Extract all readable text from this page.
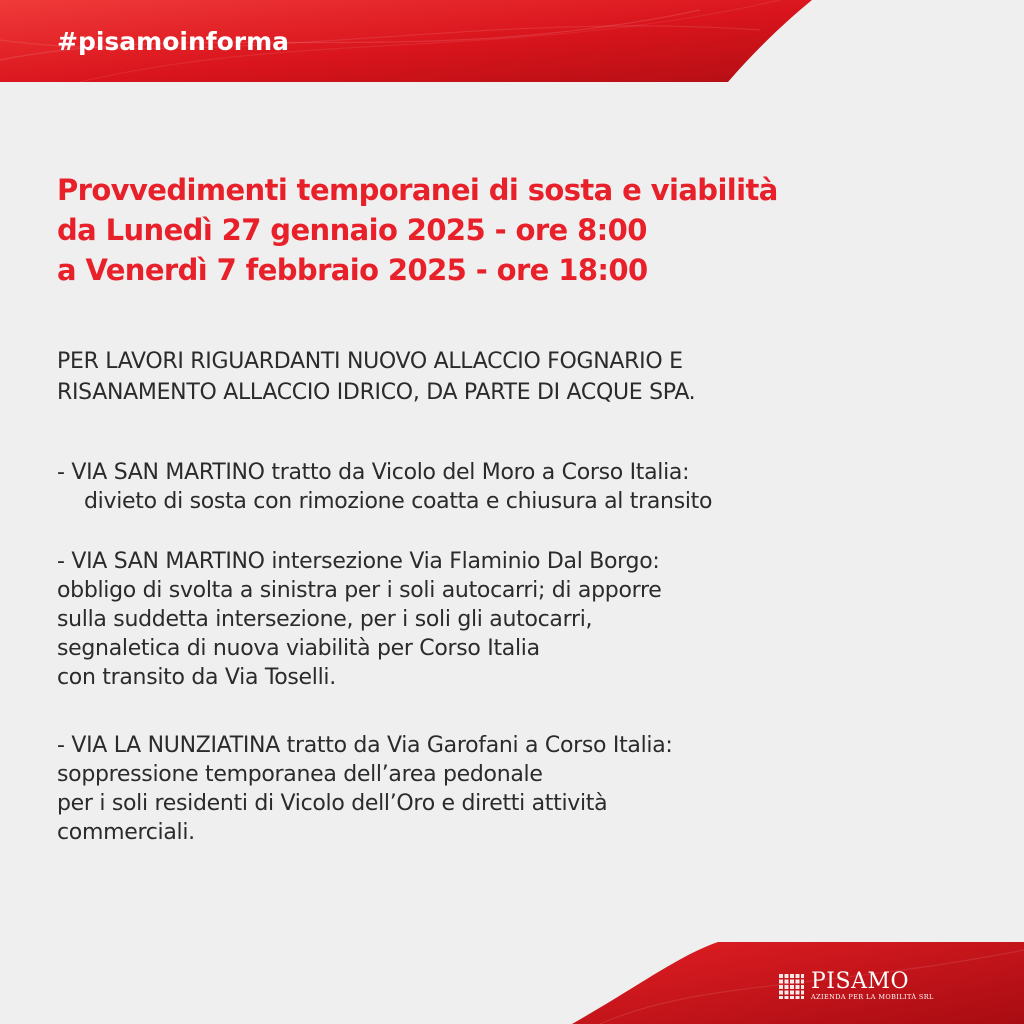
#pisamoinforma
Provvedimenti temporanei di sosta e viabilità
da Lunedì 27 gennaio 2025 - ore 8:00
a Venerdì 7 febbraio 2025 - ore 18:00
PER LAVORI RIGUARDANTI NUOVO ALLACCIO FOGNARIO E
RISANAMENTO ALLACCIO IDRICO, DA PARTE DI ACQUE SPA.
- VIA SAN MARTINO tratto da Vicolo del Moro a Corso Italia:
divieto di sosta con rimozione coatta e chiusura al transito
- VIA SAN MARTINO intersezione Via Flaminio Dal Borgo:
obbligo di svolta a sinistra per i soli autocarri; di apporre
sulla suddetta intersezione, per i soli gli autocarri,
segnaletica di nuova viabilità per Corso Italia
con transito da Via Toselli.
- VIA LA NUNZIATINA tratto da Via Garofani a Corso Italia:
soppressione temporanea dell’area pedonale
per i soli residenti di Vicolo dell’Oro e diretti attività
commerciali.
PISAMO
AZIENDA PER LA MOBILITÀ SRL
